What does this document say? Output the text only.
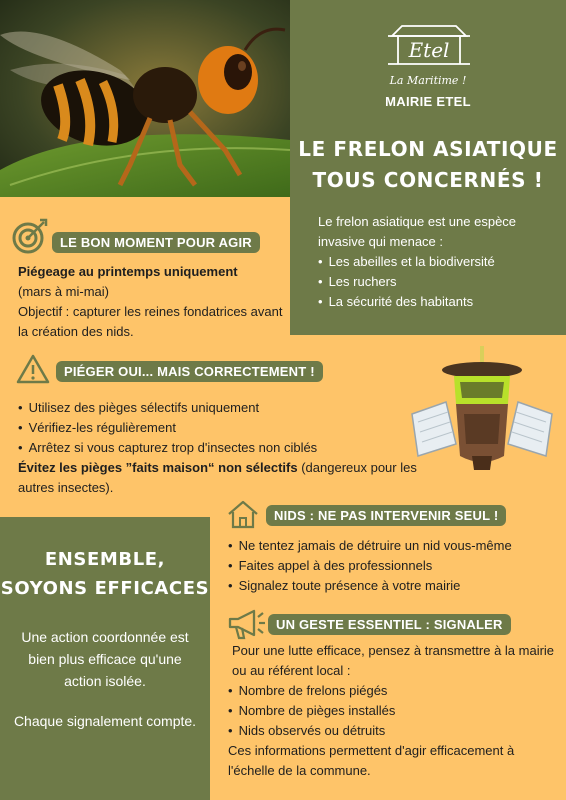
Etel
La Maritime !
MAIRIE ETEL
LE FRELON ASIATIQUE
TOUS CONCERNÉS !

Le frelon asiatique est une espèce invasive qui menace :

• Les abeilles et la biodiversité
• Les ruchers
• La sécurité des habitants
LE BON MOMENT POUR AGIR

Piégeage au printemps uniquement

(mars à mi-mai)

Objectif : capturer les reines fondatrices avant la création des nids.

PIÉGER OUI... MAIS CORRECTEMENT !
• Utilisez des pièges sélectifs uniquement
• Vérifiez-les régulièrement
• Arrêtez si vous capturez trop d'insectes non ciblés

Évitez les pièges ”faits maison“ non sélectifs (dangereux pour les autres insectes).

ENSEMBLE,
SOYONS EFFICACES
Une action coordonnée est bien plus efficace qu'une action isolée.
Chaque signalement compte.
NIDS : NE PAS INTERVENIR SEUL !
• Ne tentez jamais de détruire un nid vous-même
• Faites appel à des professionnels
• Signalez toute présence à votre mairie
UN GESTE ESSENTIEL : SIGNALER

Pour une lutte efficace, pensez à transmettre à la mairie ou au référent local :

• Nombre de frelons piégés
• Nombre de pièges installés
• Nids observés ou détruits

Ces informations permettent d'agir efficacement à l'échelle de la commune.
